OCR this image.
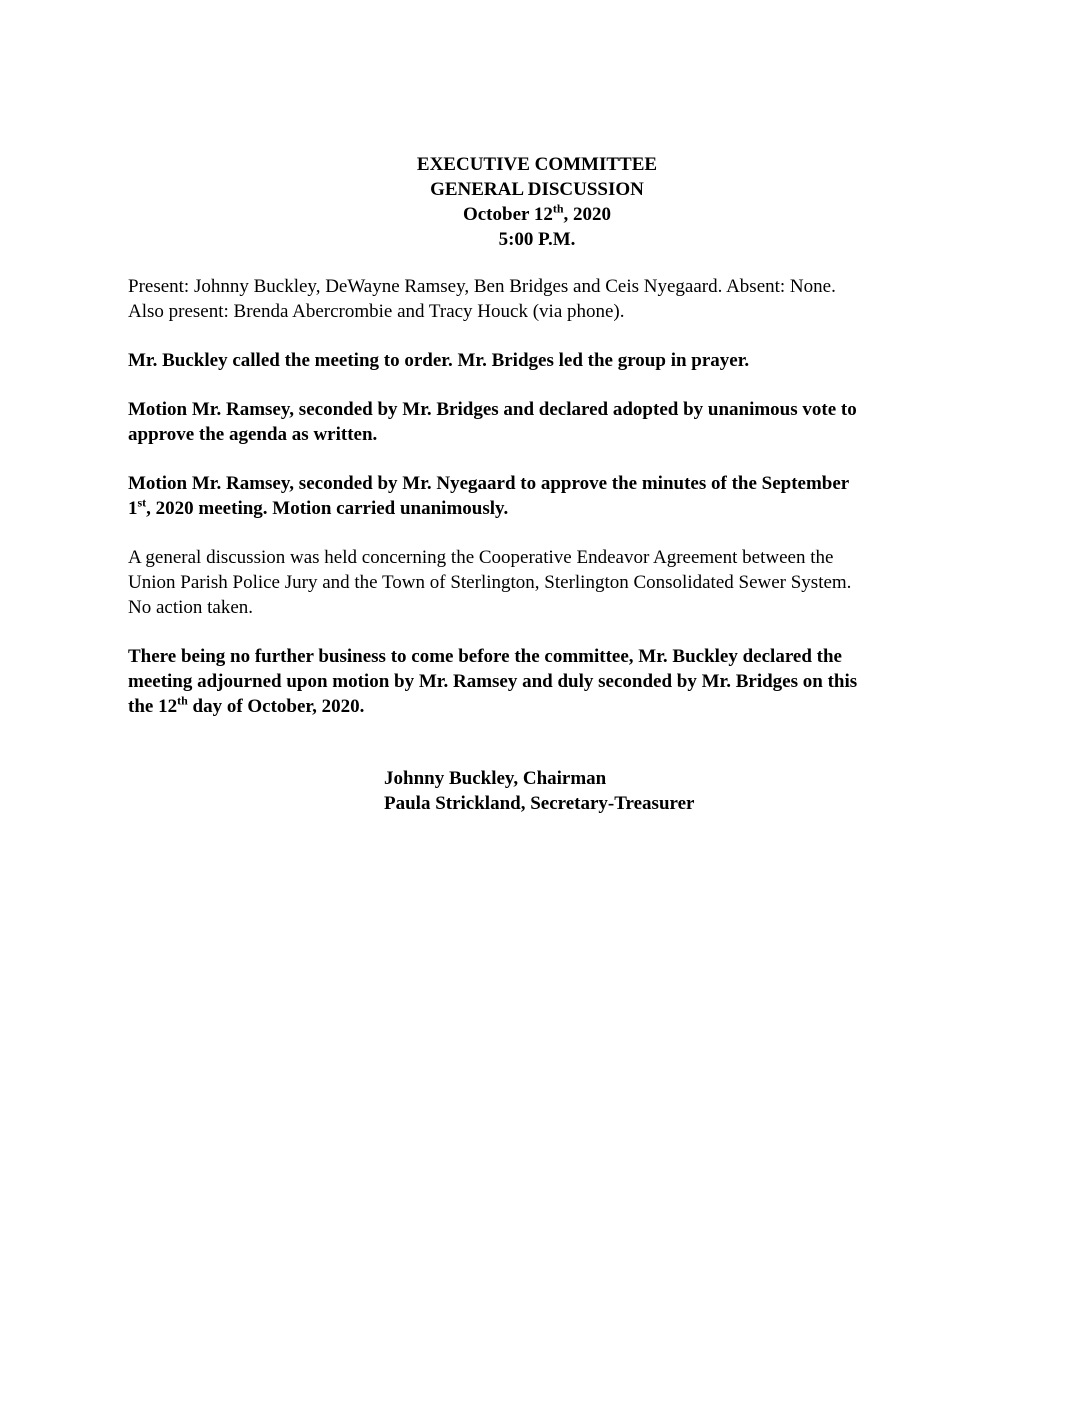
EXECUTIVE COMMITTEE
GENERAL DISCUSSION
October 12th, 2020
5:00 P.M.
Present: Johnny Buckley, DeWayne Ramsey, Ben Bridges and Ceis Nyegaard. Absent: None.
Also present: Brenda Abercrombie and Tracy Houck (via phone).
Mr. Buckley called the meeting to order. Mr. Bridges led the group in prayer.
Motion Mr. Ramsey, seconded by Mr. Bridges and declared adopted by unanimous vote to
approve the agenda as written.
Motion Mr. Ramsey, seconded by Mr. Nyegaard to approve the minutes of the September
1st, 2020 meeting. Motion carried unanimously.
A general discussion was held concerning the Cooperative Endeavor Agreement between the
Union Parish Police Jury and the Town of Sterlington, Sterlington Consolidated Sewer System.
No action taken.
There being no further business to come before the committee, Mr. Buckley declared the
meeting adjourned upon motion by Mr. Ramsey and duly seconded by Mr. Bridges on this
the 12th day of October, 2020.
Johnny Buckley, Chairman
Paula Strickland, Secretary-Treasurer
